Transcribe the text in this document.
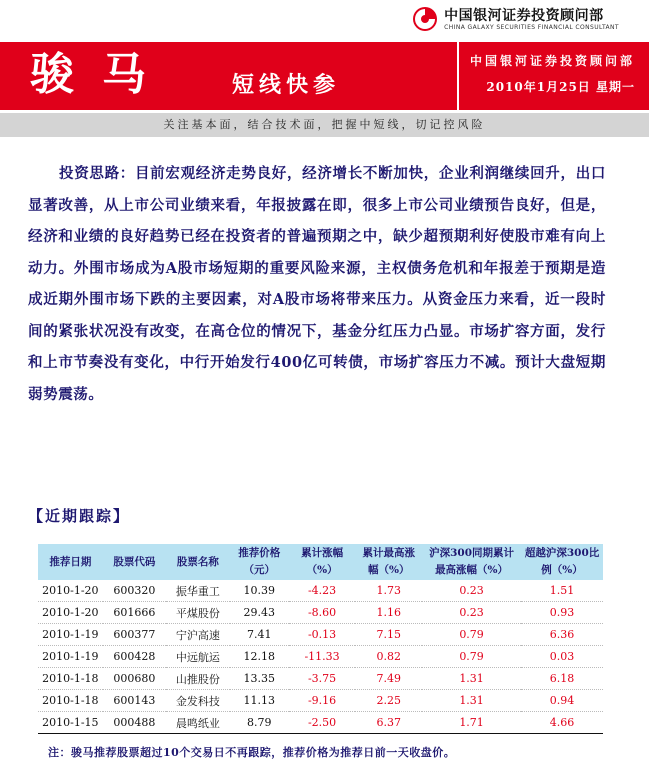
中国银河证券投资顾问部
CHINA GALAXY SECURITIES FINANCIAL CONSULTANT
骏马	短线快参
中国银河证券投资顾问部
2010年1月25日 星期一
关注基本面，结合技术面，把握中短线，切记控风险
投资思路：目前宏观经济走势良好，经济增长不断加快，企业利润继续回升，出口显著改善，从上市公司业绩来看，年报披露在即，很多上市公司业绩预告良好，但是，经济和业绩的良好趋势已经在投资者的普遍预期之中，缺少超预期利好使股市难有向上动力。外围市场成为A股市场短期的重要风险来源，主权债务危机和年报差于预期是造成近期外围市场下跌的主要因素，对A股市场将带来压力。从资金压力来看，近一段时间的紧张状况没有改变，在高仓位的情况下，基金分红压力凸显。市场扩容方面，发行和上市节奏没有变化，中行开始发行400亿可转债，市场扩容压力不减。预计大盘短期弱势震荡。
【近期跟踪】
推荐日期	股票代码	股票名称	推荐价格（元）	累计涨幅（%）	累计最高涨幅（%）	沪深300同期累计最高涨幅（%）	超越沪深300比例（%）
2010-1-20	600320	振华重工	10.39	-4.23	1.73	0.23	1.51
2010-1-20	601666	平煤股份	29.43	-8.60	1.16	0.23	0.93
2010-1-19	600377	宁沪高速	7.41	-0.13	7.15	0.79	6.36
2010-1-19	600428	中远航运	12.18	-11.33	0.82	0.79	0.03
2010-1-18	000680	山推股份	13.35	-3.75	7.49	1.31	6.18
2010-1-18	600143	金发科技	11.13	-9.16	2.25	1.31	0.94
2010-1-15	000488	晨鸣纸业	8.79	-2.50	6.37	1.71	4.66
注：骏马推荐股票超过10个交易日不再跟踪，推荐价格为推荐日前一天收盘价。
